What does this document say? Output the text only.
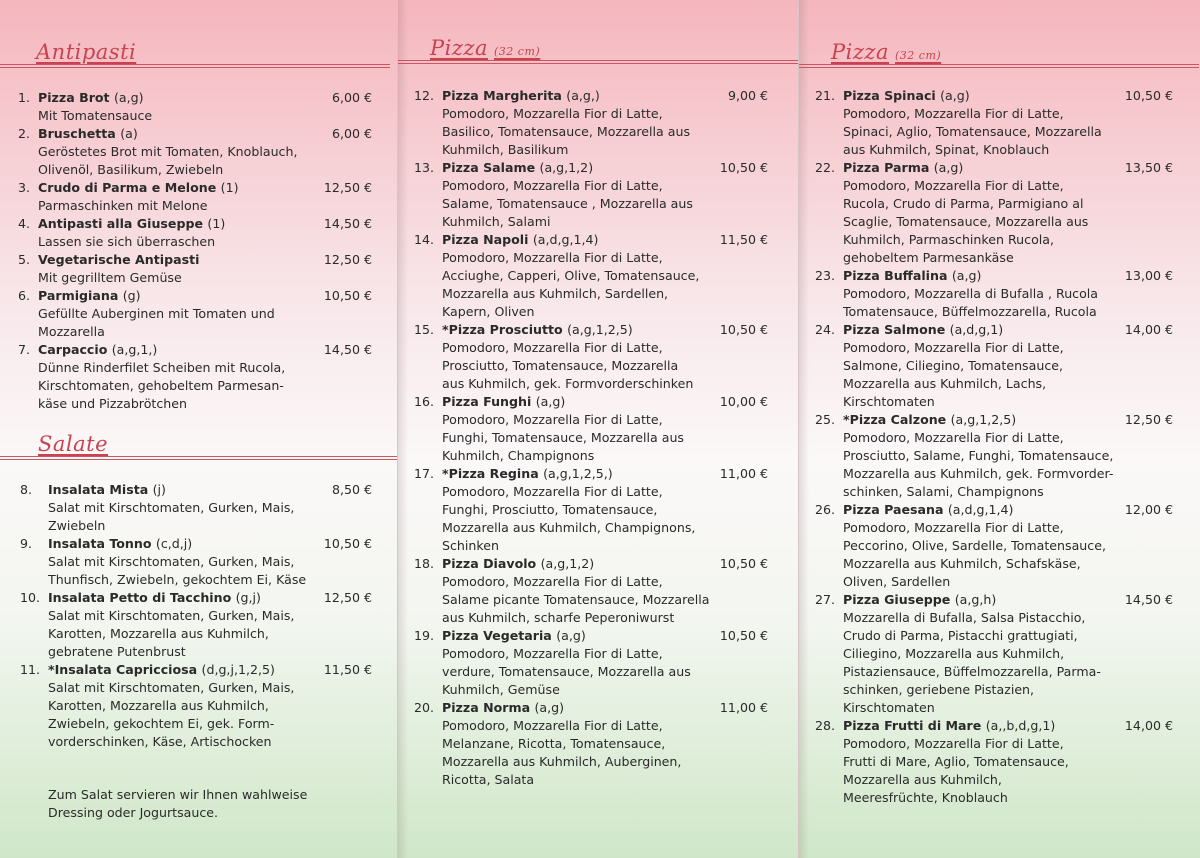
Antipasti
1. Pizza Brot (a,g)	6,00 €
Mit Tomatensauce
2. Bruschetta (a)	6,00 €
Geröstetes Brot mit Tomaten, Knoblauch,
Olivenöl, Basilikum, Zwiebeln
3. Crudo di Parma e Melone (1)	12,50 €
Parmaschinken mit Melone
4. Antipasti alla Giuseppe (1)	14,50 €
Lassen sie sich überraschen
5. Vegetarische Antipasti	12,50 €
Mit gegrilltem Gemüse
6. Parmigiana (g)	10,50 €
Gefüllte Auberginen mit Tomaten und
Mozzarella
7. Carpaccio (a,g,1,)	14,50 €
Dünne Rinderfilet Scheiben mit Rucola,
Kirschtomaten, gehobeltem Parmesan-
käse und Pizzabrötchen
Salate
8. Insalata Mista (j)	8,50 €
Salat mit Kirschtomaten, Gurken, Mais,
Zwiebeln
9. Insalata Tonno (c,d,j)	10,50 €
Salat mit Kirschtomaten, Gurken, Mais,
Thunfisch, Zwiebeln, gekochtem Ei, Käse
10. Insalata Petto di Tacchino (g,j)	12,50 €
Salat mit Kirschtomaten, Gurken, Mais,
Karotten, Mozzarella aus Kuhmilch,
gebratene Putenbrust
11. *Insalata Capricciosa (d,g,j,1,2,5)	11,50 €
Salat mit Kirschtomaten, Gurken, Mais,
Karotten, Mozzarella aus Kuhmilch,
Zwiebeln, gekochtem Ei, gek. Form-
vorderschinken, Käse, Artischocken
Zum Salat servieren wir Ihnen wahlweise
Dressing oder Jogurtsauce.
Pizza (32 cm)
12. Pizza Margherita (a,g,)	9,00 €
Pomodoro, Mozzarella Fior di Latte,
Basilico, Tomatensauce, Mozzarella aus
Kuhmilch, Basilikum
13. Pizza Salame (a,g,1,2)	10,50 €
Pomodoro, Mozzarella Fior di Latte,
Salame, Tomatensauce , Mozzarella aus
Kuhmilch, Salami
14. Pizza Napoli (a,d,g,1,4)	11,50 €
Pomodoro, Mozzarella Fior di Latte,
Acciughe, Capperi, Olive, Tomatensauce,
Mozzarella aus Kuhmilch, Sardellen,
Kapern, Oliven
15. *Pizza Prosciutto (a,g,1,2,5)	10,50 €
Pomodoro, Mozzarella Fior di Latte,
Prosciutto, Tomatensauce, Mozzarella
aus Kuhmilch, gek. Formvorderschinken
16. Pizza Funghi (a,g)	10,00 €
Pomodoro, Mozzarella Fior di Latte,
Funghi, Tomatensauce, Mozzarella aus
Kuhmilch, Champignons
17. *Pizza Regina (a,g,1,2,5,)	11,00 €
Pomodoro, Mozzarella Fior di Latte,
Funghi, Prosciutto, Tomatensauce,
Mozzarella aus Kuhmilch, Champignons,
Schinken
18. Pizza Diavolo (a,g,1,2)	10,50 €
Pomodoro, Mozzarella Fior di Latte,
Salame picante Tomatensauce, Mozzarella
aus Kuhmilch, scharfe Peperoniwurst
19. Pizza Vegetaria (a,g)	10,50 €
Pomodoro, Mozzarella Fior di Latte,
verdure, Tomatensauce, Mozzarella aus
Kuhmilch, Gemüse
20. Pizza Norma (a,g)	11,00 €
Pomodoro, Mozzarella Fior di Latte,
Melanzane, Ricotta, Tomatensauce,
Mozzarella aus Kuhmilch, Auberginen,
Ricotta, Salata
Pizza (32 cm)
21. Pizza Spinaci (a,g)	10,50 €
Pomodoro, Mozzarella Fior di Latte,
Spinaci, Aglio, Tomatensauce, Mozzarella
aus Kuhmilch, Spinat, Knoblauch
22. Pizza Parma (a,g)	13,50 €
Pomodoro, Mozzarella Fior di Latte,
Rucola, Crudo di Parma, Parmigiano al
Scaglie, Tomatensauce, Mozzarella aus
Kuhmilch, Parmaschinken Rucola,
gehobeltem Parmesankäse
23. Pizza Buffalina (a,g)	13,00 €
Pomodoro, Mozzarella di Bufalla , Rucola
Tomatensauce, Büffelmozzarella, Rucola
24. Pizza Salmone (a,d,g,1)	14,00 €
Pomodoro, Mozzarella Fior di Latte,
Salmone, Ciliegino, Tomatensauce,
Mozzarella aus Kuhmilch, Lachs,
Kirschtomaten
25. *Pizza Calzone (a,g,1,2,5)	12,50 €
Pomodoro, Mozzarella Fior di Latte,
Prosciutto, Salame, Funghi, Tomatensauce,
Mozzarella aus Kuhmilch, gek. Formvorder-
schinken, Salami, Champignons
26. Pizza Paesana (a,d,g,1,4)	12,00 €
Pomodoro, Mozzarella Fior di Latte,
Peccorino, Olive, Sardelle, Tomatensauce,
Mozzarella aus Kuhmilch, Schafskäse,
Oliven, Sardellen
27. Pizza Giuseppe (a,g,h)	14,50 €
Mozzarella di Bufalla, Salsa Pistacchio,
Crudo di Parma, Pistacchi grattugiati,
Ciliegino, Mozzarella aus Kuhmilch,
Pistaziensauce, Büffelmozzarella, Parma-
schinken, geriebene Pistazien,
Kirschtomaten
28. Pizza Frutti di Mare (a,,b,d,g,1)	14,00 €
Pomodoro, Mozzarella Fior di Latte,
Frutti di Mare, Aglio, Tomatensauce,
Mozzarella aus Kuhmilch,
Meeresfrüchte, Knoblauch
